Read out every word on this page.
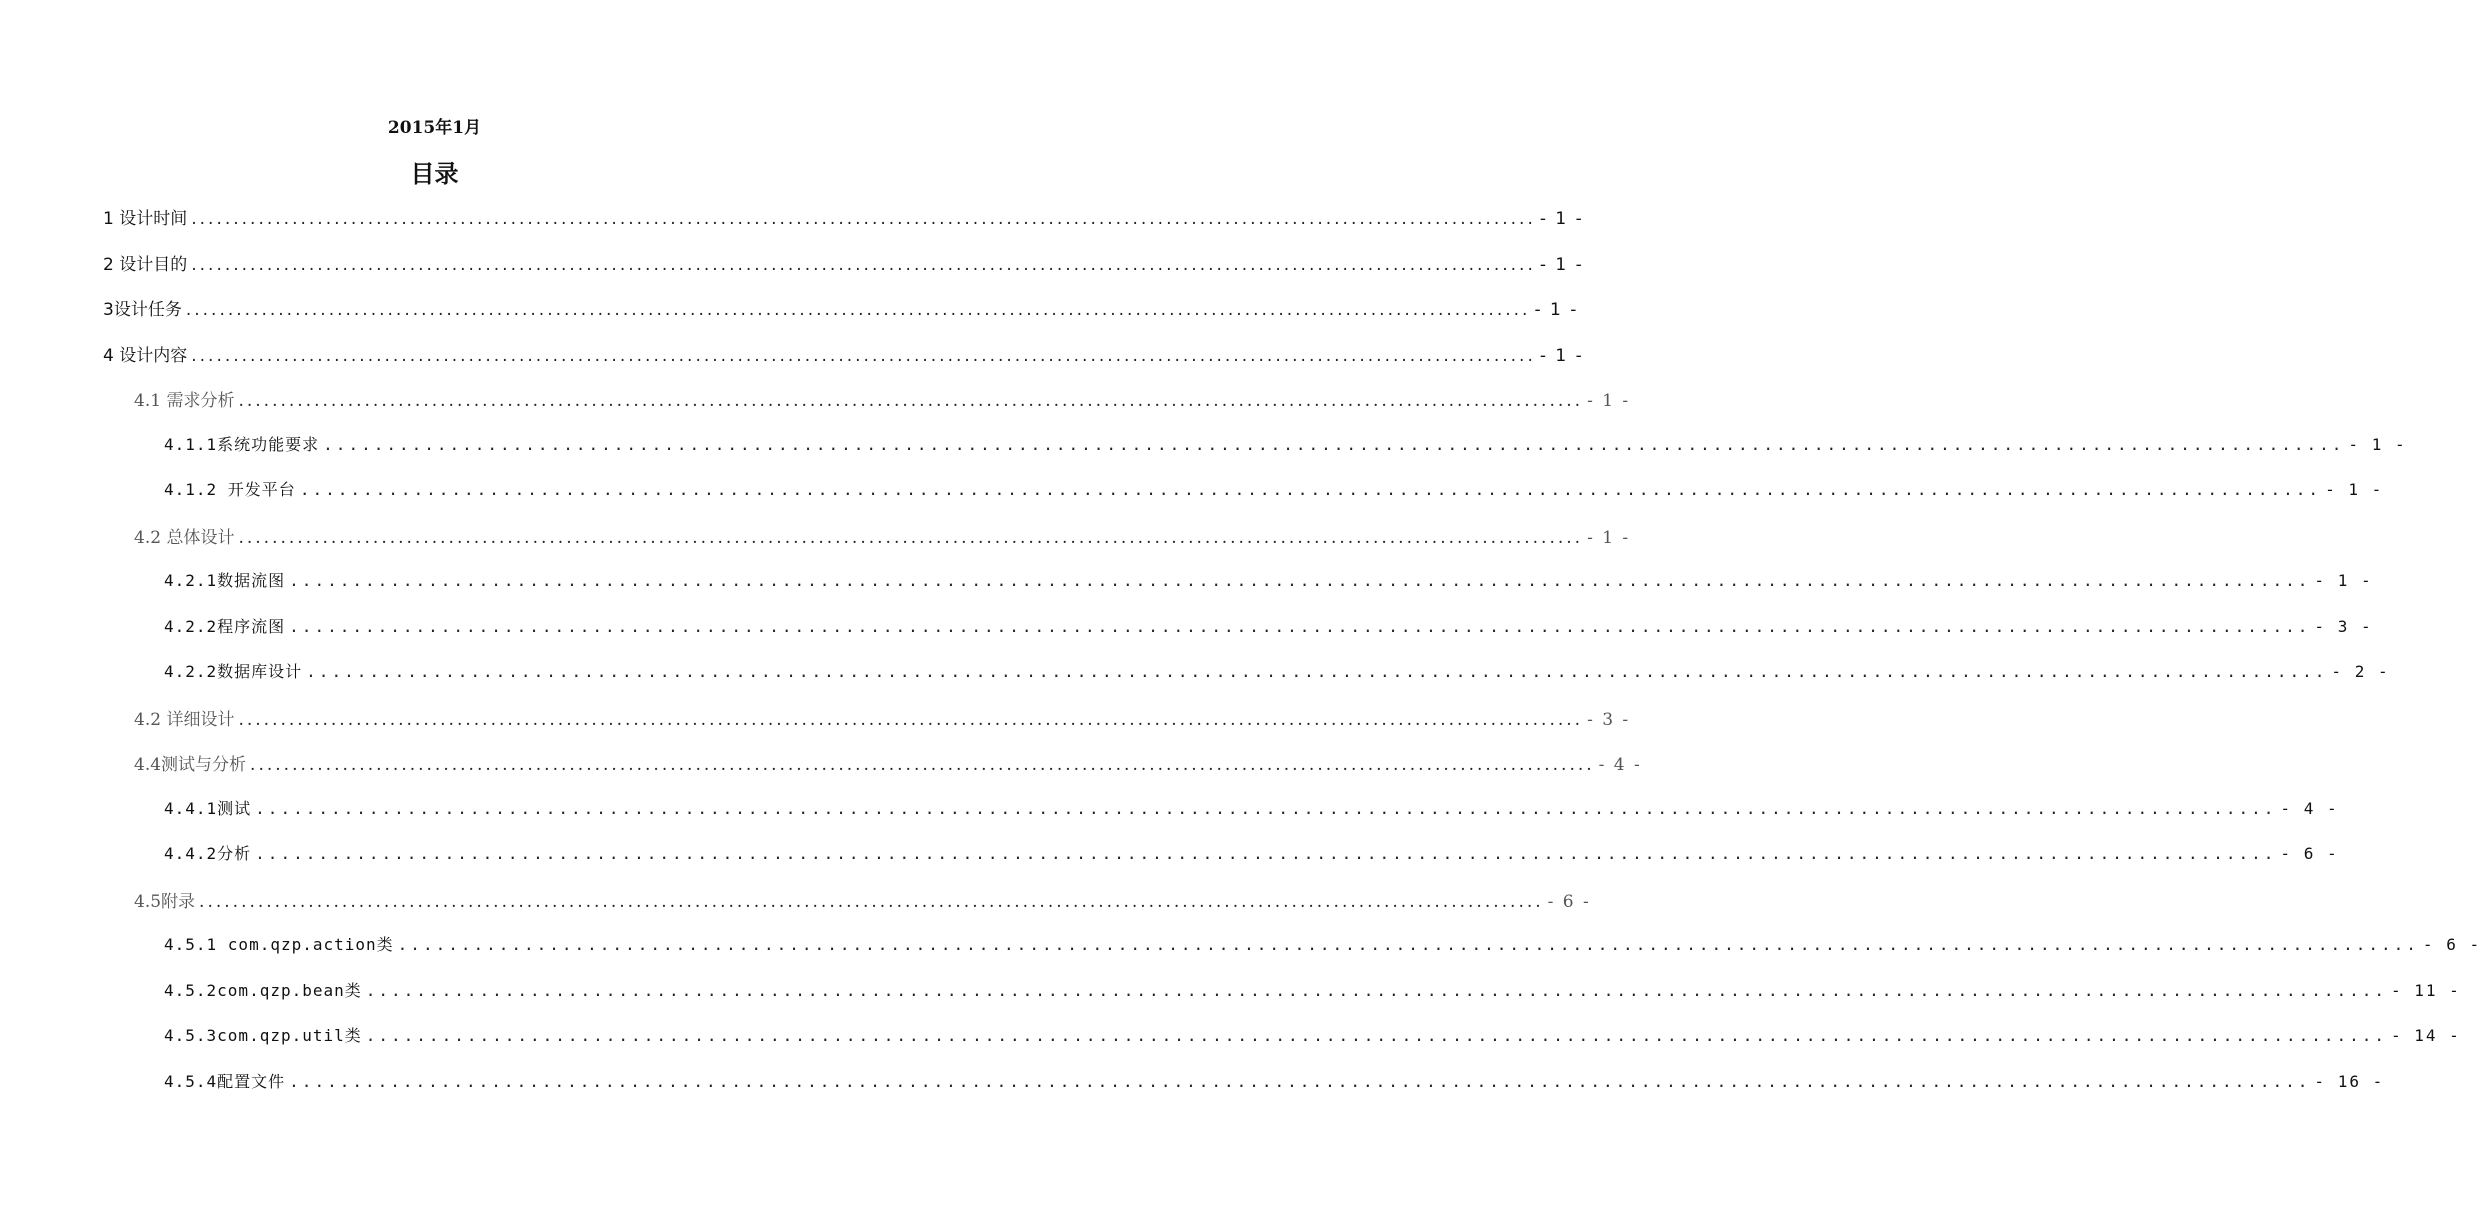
2015年1月
目录
1 设计时间 ................................................................................................................................................................ - 1 -
2 设计目的 ................................................................................................................................................................ - 1 -
3设计任务 ................................................................................................................................................................ - 1 -
4 设计内容 ................................................................................................................................................................ - 1 -
4.1 需求分析 ................................................................................................................................................................ - 1 -
4.1.1系统功能要求 ................................................................................................................................................................ - 1 -
4.1.2 开发平台 ................................................................................................................................................................ - 1 -
4.2 总体设计 ................................................................................................................................................................ - 1 -
4.2.1数据流图 ................................................................................................................................................................ - 1 -
4.2.2程序流图 ................................................................................................................................................................ - 3 -
4.2.2数据库设计 ................................................................................................................................................................ - 2 -
4.2 详细设计 ................................................................................................................................................................ - 3 -
4.4测试与分析 ................................................................................................................................................................ - 4 -
4.4.1测试 ................................................................................................................................................................ - 4 -
4.4.2分析 ................................................................................................................................................................ - 6 -
4.5附录 ................................................................................................................................................................ - 6 -
4.5.1 com.qzp.action类 ................................................................................................................................................................ - 6 -
4.5.2com.qzp.bean类 ................................................................................................................................................................ - 11 -
4.5.3com.qzp.util类 ................................................................................................................................................................ - 14 -
4.5.4配置文件 ................................................................................................................................................................ - 16 -
